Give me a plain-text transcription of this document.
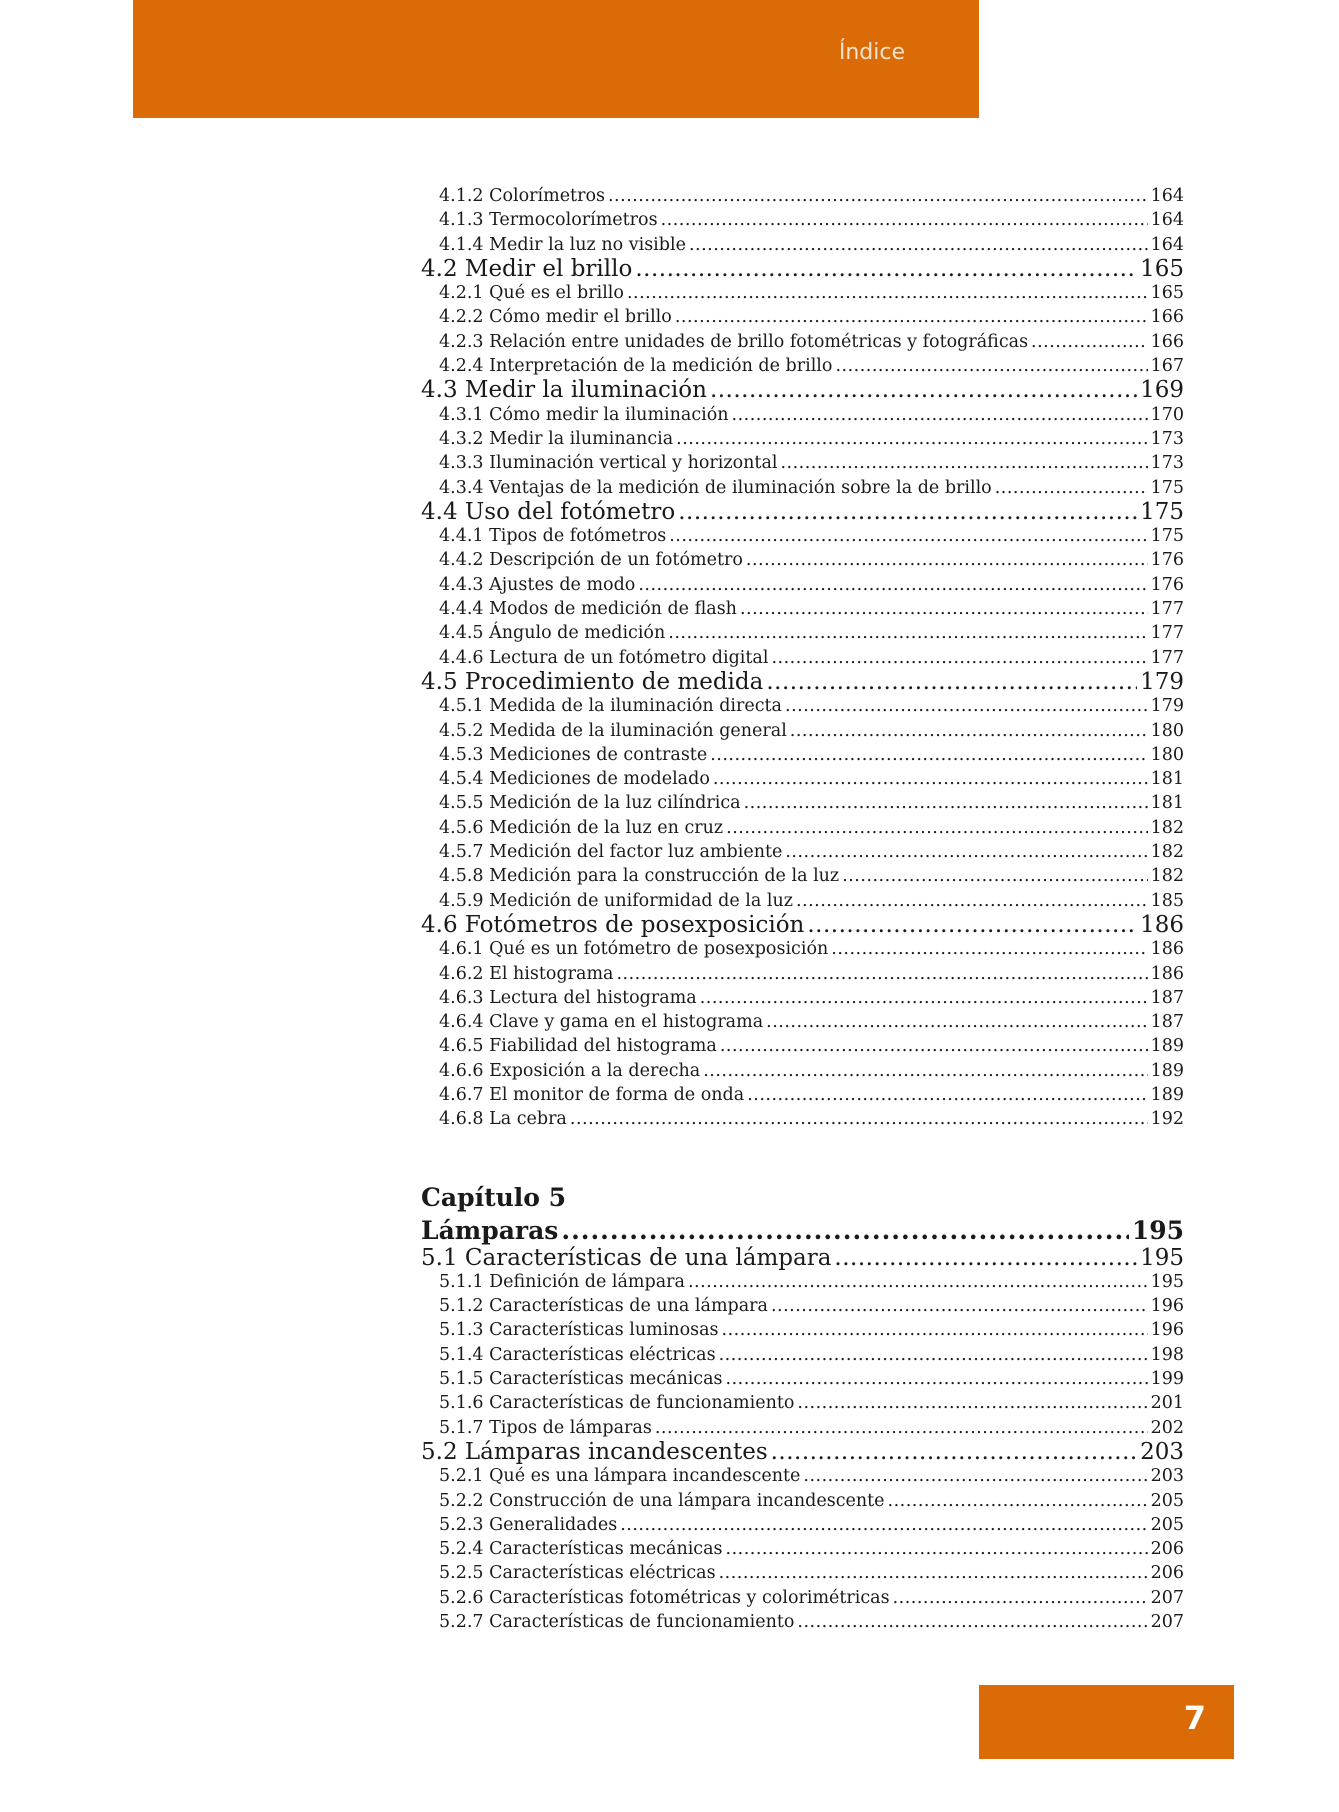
Índice
4.1.2 Colorímetros .....	164
4.1.3 Termocolorímetros .....	164
4.1.4 Medir la luz no visible .....	164
4.2 Medir el brillo .....	165
4.2.1 Qué es el brillo .....	165
4.2.2 Cómo medir el brillo .....	166
4.2.3 Relación entre unidades de brillo fotométricas y fotográficas .....	166
4.2.4 Interpretación de la medición de brillo .....	167
4.3 Medir la iluminación .....	169
4.3.1 Cómo medir la iluminación .....	170
4.3.2 Medir la iluminancia .....	173
4.3.3 Iluminación vertical y horizontal .....	173
4.3.4 Ventajas de la medición de iluminación sobre la de brillo .....	175
4.4 Uso del fotómetro .....	175
4.4.1 Tipos de fotómetros .....	175
4.4.2 Descripción de un fotómetro .....	176
4.4.3 Ajustes de modo .....	176
4.4.4 Modos de medición de flash .....	177
4.4.5 Ángulo de medición .....	177
4.4.6 Lectura de un fotómetro digital .....	177
4.5 Procedimiento de medida .....	179
4.5.1 Medida de la iluminación directa .....	179
4.5.2 Medida de la iluminación general .....	180
4.5.3 Mediciones de contraste .....	180
4.5.4 Mediciones de modelado .....	181
4.5.5 Medición de la luz cilíndrica .....	181
4.5.6 Medición de la luz en cruz .....	182
4.5.7 Medición del factor luz ambiente .....	182
4.5.8 Medición para la construcción de la luz .....	182
4.5.9 Medición de uniformidad de la luz .....	185
4.6 Fotómetros de posexposición .....	186
4.6.1 Qué es un fotómetro de posexposición .....	186
4.6.2 El histograma .....	186
4.6.3 Lectura del histograma .....	187
4.6.4 Clave y gama en el histograma .....	187
4.6.5 Fiabilidad del histograma .....	189
4.6.6 Exposición a la derecha .....	189
4.6.7 El monitor de forma de onda .....	189
4.6.8 La cebra .....	192
Capítulo 5
Lámparas .....	195
5.1 Características de una lámpara .....	195
5.1.1 Definición de lámpara .....	195
5.1.2 Características de una lámpara .....	196
5.1.3 Características luminosas .....	196
5.1.4 Características eléctricas .....	198
5.1.5 Características mecánicas .....	199
5.1.6 Características de funcionamiento .....	201
5.1.7 Tipos de lámparas .....	202
5.2 Lámparas incandescentes .....	203
5.2.1 Qué es una lámpara incandescente .....	203
5.2.2 Construcción de una lámpara incandescente .....	205
5.2.3 Generalidades .....	205
5.2.4 Características mecánicas .....	206
5.2.5 Características eléctricas .....	206
5.2.6 Características fotométricas y colorimétricas .....	207
5.2.7 Características de funcionamiento .....	207
7
